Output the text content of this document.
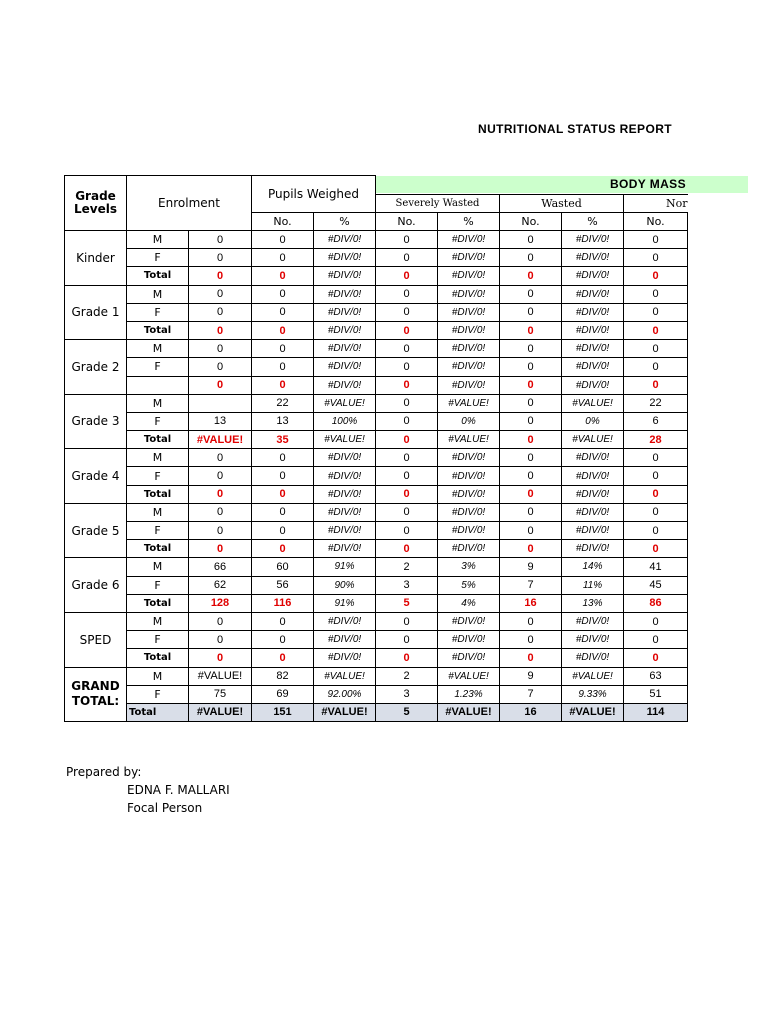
NUTRITIONAL STATUS REPORT
BODY MASS
Grade Levels	Enrolment		Pupils Weighed						
					Severely Wasted		Wasted		Nor
			No.	%	No.	%	No.	%	No.
Kinder	M	0	0	#DIV/0!	0	#DIV/0!	0	#DIV/0!	0
	F	0	0	#DIV/0!	0	#DIV/0!	0	#DIV/0!	0
	Total	0	0	#DIV/0!	0	#DIV/0!	0	#DIV/0!	0
Grade 1	M	0	0	#DIV/0!	0	#DIV/0!	0	#DIV/0!	0
	F	0	0	#DIV/0!	0	#DIV/0!	0	#DIV/0!	0
	Total	0	0	#DIV/0!	0	#DIV/0!	0	#DIV/0!	0
Grade 2	M	0	0	#DIV/0!	0	#DIV/0!	0	#DIV/0!	0
	F	0	0	#DIV/0!	0	#DIV/0!	0	#DIV/0!	0
		0	0	#DIV/0!	0	#DIV/0!	0	#DIV/0!	0
Grade 3	M		22	#VALUE!	0	#VALUE!	0	#VALUE!	22
	F	13	13	100%	0	0%	0	0%	6
	Total	#VALUE!	35	#VALUE!	0	#VALUE!	0	#VALUE!	28
Grade 4	M	0	0	#DIV/0!	0	#DIV/0!	0	#DIV/0!	0
	F	0	0	#DIV/0!	0	#DIV/0!	0	#DIV/0!	0
	Total	0	0	#DIV/0!	0	#DIV/0!	0	#DIV/0!	0
Grade 5	M	0	0	#DIV/0!	0	#DIV/0!	0	#DIV/0!	0
	F	0	0	#DIV/0!	0	#DIV/0!	0	#DIV/0!	0
	Total	0	0	#DIV/0!	0	#DIV/0!	0	#DIV/0!	0
Grade 6	M	66	60	91%	2	3%	9	14%	41
	F	62	56	90%	3	5%	7	11%	45
	Total	128	116	91%	5	4%	16	13%	86
SPED	M	0	0	#DIV/0!	0	#DIV/0!	0	#DIV/0!	0
	F	0	0	#DIV/0!	0	#DIV/0!	0	#DIV/0!	0
	Total	0	0	#DIV/0!	0	#DIV/0!	0	#DIV/0!	0
GRAND TOTAL:	M	#VALUE!	82	#VALUE!	2	#VALUE!	9	#VALUE!	63
	F	75	69	92.00%	3	1.23%	7	9.33%	51
	Total	#VALUE!	151	#VALUE!	5	#VALUE!	16	#VALUE!	114
Prepared by:
EDNA F. MALLARI
Focal Person
